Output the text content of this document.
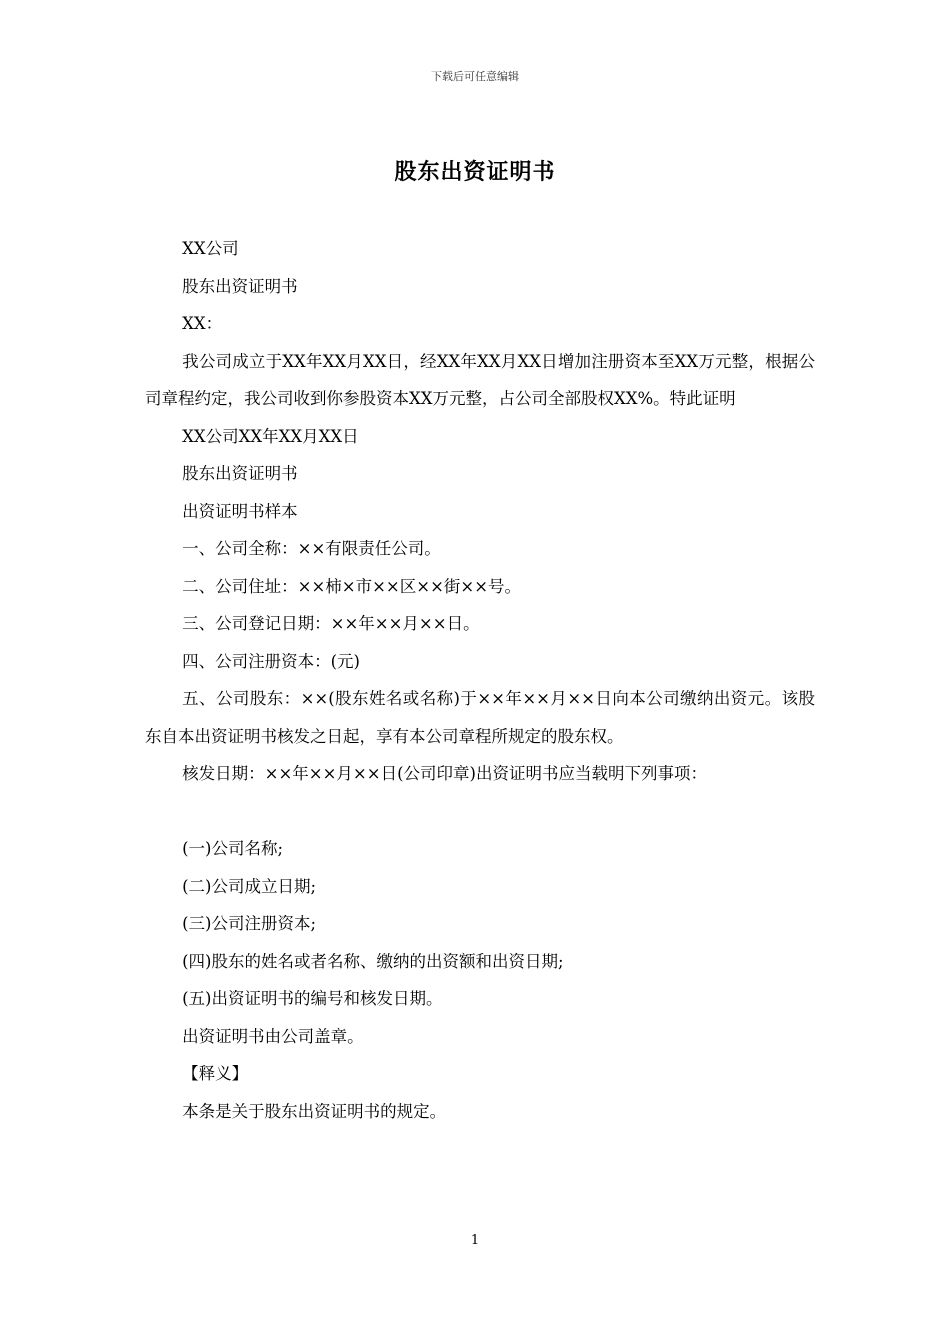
下载后可任意编辑
股东出资证明书

XX公司

股东出资证明书

XX：

我公司成立于XX年XX月XX日，经XX年XX月XX日增加注册资本至XX万元整，根据公司章程约定，我公司收到你参股资本XX万元整，占公司全部股权XX%。特此证明

XX公司XX年XX月XX日

股东出资证明书

出资证明书样本

一、公司全称：××有限责任公司。

二、公司住址：××柿×市××区××街××号。

三、公司登记日期：××年××月××日。

四、公司注册资本：(元)

五、公司股东：××(股东姓名或名称)于××年××月××日向本公司缴纳出资元。该股东自本出资证明书核发之日起，享有本公司章程所规定的股东权。

核发日期：××年××月××日(公司印章)出资证明书应当载明下列事项：

(一)公司名称;

(二)公司成立日期;

(三)公司注册资本;

(四)股东的姓名或者名称、缴纳的出资额和出资日期;

(五)出资证明书的编号和核发日期。

出资证明书由公司盖章。

【释义】

本条是关于股东出资证明书的规定。

1
